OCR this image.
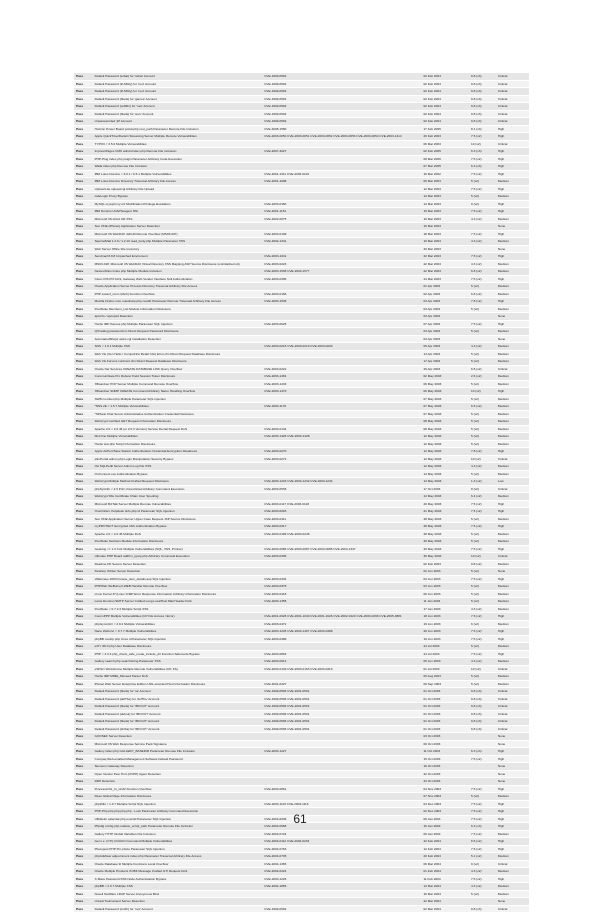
Pass	Default Password (ssbat) for 'ssbat' Account	CVE-1999-0502	02 Feb 2004	9.8 (v3)	Critical
Pass	Default Password (D-Mblty) for 'root' Account	CVE-1999-0502	02 Feb 2004	9.8 (v3)	Critical
Pass	Default Password (D-Mblty) for 'root' Account	CVE-1999-0502	02 Feb 2004	9.8 (v3)	Critical
Pass	Default Password (blank) for 'games' Account	CVE-1999-0502	02 Feb 2004	9.8 (v3)	Critical
Pass	Default Password (w4001) for 'root' Account	CVE-1999-0502	02 Feb 2004	9.8 (v3)	Critical
Pass	Default Password (blank) for 'ams' Account	CVE-1999-0502	02 Feb 2004	9.8 (v3)	Critical
Pass	Unpassworded 'jill' Account	CVE-1999-0502	02 Feb 2004	9.8 (v3)	Critical
Pass	Horizon Power Board portal.php root_path Parameter Remote File Inclusion	CVE-2005-1580	17 Feb 2005	8.1 (v3)	High
Pass	Apple QuickTime/Darwin Streaming Server Multiple Remote Vulnerabilities	CVE-2003-0050 CVE-2003-0051 CVE-2003-0052 CVE-2003-0053 CVE-2003-0054 CVE-2003-1414	26 Feb 2003	7.5 (v2)	High
Pass	TYPO3 < 3.5.0 Multiple Vulnerabilities		06 Mar 2003	10 (v2)	Critical
Pass	ImpressPages CMS admin/index.php Remote File Inclusion	CVE-2007-4627	02 Feb 2005	6.3 (v3)	High
Pass	PHP-Plug index.php plugin Parameter Arbitrary Code Execution		08 Mar 2006	7.5 (v2)	High
Pass	Walla index.php Remote File Inclusion		07 Mar 2005	6.3 (v3)	High
Pass	IBM Lotus Domino < 6.0.1 / 6.5.1 Multiple Vulnerabilities	CVE-2001-1311 CVE-2003-0119	16 Mar 2002	7.5 (v2)	High
Pass	IBM Lotus Domino Directory Traversal Arbitrary File Access	CVE-2001-1098	06 Mar 2003	5 (v2)	Medium
Pass	Upload Lite upload.cgi Arbitrary File Upload		12 Mar 2003	7.5 (v2)	High
Pass	cafeLogin Proxy Bypass		14 Mar 2003	5 (v2)	Medium
Pass	MySQL mysqld my.cnf Modification Privilege Escalation	CVE-2003-0150	14 Mar 2003	9 (v2)	High
Pass	IBM Domino LDAPScagent NSI	CVE-2001-1151	15 Mar 2003	7.5 (v2)	High
Pass	Microsoft IIS.shtml UR XSS	CVE-2002-0075	16 Mar 2003	4.3 (v2)	Medium
Pass	Sun ONE (iPlanet) Application Server Detection		16 Mar 2003		None
Pass	Microsoft IIS WebDAV ntdll.dll Remote Overflow (MS03-007)	CVE-2003-0109	18 Mar 2003	7.5 (v2)	High
Pass	SquirrelMail 1.2.6 / 1.2.10 read_body.php Multiple Parameter XSS	CVE-2002-1341	19 Mar 2003	4.3 (v2)	Medium
Pass	Web Server Office File Inventory		20 Mar 2003		None
Pass	Sendmail 8.8.8 Unpatched Enviroment	CVE-2003-1041	22 Mar 2003	7.5 (v2)	High
Pass	MS03-018: Microsoft IIS WebDAV Virtual Directory XSS Mapping ASP Source Disclosure (uninitialized s4)	CVE-2003-0223	22 Mar 2003	4.3 (v2)	Medium
Pass	Nested Rain Index.php Multiple Module Inclusion	CVE-2003-1538 CVE-2003-1577	22 Mar 2003	6.8 (v2)	Medium
Pass	Cisco IOS PIX DoS, Gateway Web Vendor Interface Null Authentication	CVE-2003-0305	24 Mar 2003	7.5 (v2)	High
Pass	Oracle Application Server Process Directory Traversal Arbitrary File Access		01 Apr 2003	5 (v2)	Medium
Pass	PHP sscanf_si.inc (libch) Function Overflow	CVE-2003-0166	02 Apr 2003	6.8 (v2)	Medium
Pass	Mozilla Firefox com.maxsharp.php rootdir Parameter Remote Traversal Arbitrary File Access	CVE-2003-1545	03 Apr 2003	7.8 (v2)	High
Pass	PostNuke Members_List Module Information Disclosure		03 Apr 2003	5 (v2)	Medium
Pass	apcinfo / apcupsd Detection		03 Apr 2003		None
Pass	Horde IMP themes.php Multiple Parameter SQL Injection	CVE-2003-0025	07 Apr 2003	7.5 (v2)	High
Pass	QTcatalog password.inc Direct Request Password Disclosure		03 Apr 2003	5 (v2)	Medium
Pass	AutomatedShops webc.cgi Installation Detection		04 Apr 2003		None
Pass	SNS < 1.6.1 Multiple XSS	CVE-2003-0218 CVE-2003-0219 CVE-2003-0220	05 Apr 2003	4.3 (v2)	Medium
Pass	Web Vls (Xen Hello / CompuFirst Retail CGI) Error.cfm Direct Request Database Disclosure		14 Apr 2003	5 (v2)	Medium
Pass	Web Vls Forums confcont.cfm Direct Request Database Disclosure		17 Apr 2003	5 (v2)	Medium
Pass	Oracle Net Services CREATE DATABASE LINK Query Overflow	CVE-2003-0222	29 Apr 2003	6.5 (v2)	Critical
Pass	CommuniGate Pro Referer Field Session Token Disclosure	CVE-2003-1481	02 May 2003	2.6 (v2)	Medium
Pass	XBoardner PCP Server Multiple Command Remote Overflow	CVE-2003-1433	06 May 2003	5 (v2)	Medium
Pass	XBoardner SNMP CREATE Command Arbitrary Name Handling Overflow	CVE-2003-1470	06 May 2003	10 (v2)	High
Pass	SWB member.php Multiple Parameter SQL Injection		07 May 2003	5 (v2)	Medium
Pass	*NSS 2E < 1.5.7 Multiple Vulnerabilities	CVE-2003-1176	07 May 2003	6.5 (v2)	Medium
Pass	*SPbeat Chat Server Administrative Authentication Credential Disclosure		07 May 2003	5 (v2)	Medium
Pass	Webcrypt Certified GET Request Information Disclosure		08 May 2003	5 (v2)	Medium
Pass	Apache 2.0 < 2.0.46 (or 2.0.3 Version) Service Denial Request DoS	CVE-2003-0134	08 May 2003	5 (v2)	Medium
Pass	Mozzinu Multiple Vulnerabilities	CVE-2003-1426 CVE-2003-1428	12 May 2003	5 (v2)	Medium
Pass	Horde test.php Script Information Disclosure		12 May 2003	5 (v2)	Medium
Pass	Apple AirPort Base Station Authentication Credential Encryption Weakness	CVE-2003-0270	12 May 2003	7.8 (v2)	High
Pass	slimPortal admin.php Login Manipulation Security Bypass	CVE-2003-0272	12 May 2003	10 (v2)	Critical
Pass	OA SQLPedit Server Admin Log File XSS		12 May 2003	4.3 (v2)	Medium
Pass	OnConnect.exe Authentication Bypass		14 May 2003	5 (v2)	Medium
Pass	Webcrypt Multiple Method Crafted Request Disclosure	CVE-2003-1233 CVE-2003-1232 CVE-2003-1234	14 May 2003	1.3 (v2)	Low
Pass	phpSysInfo < 2.0 PoC Unrestricted Arbitrary Command Execution	CVE-2003-0536	17 Oct 2003	8 (v2)	Critical
Pass	Webcrypt SSL Certificate Chain User Spoofing		14 May 2003	6.4 (v2)	Medium
Pass	Microsoft BizTalk Server Multiple Remote Vulnerabilities	CVE-2003-0117 CVE-2003-0118	20 May 2003	7.5 (v2)	High
Pass	OneOrZero Helpdesk tinfo.php id Parameter SQL Injection	CVE-2003-0003	21 May 2003	7.5 (v2)	High
Pass	Sun ONE Application Server Upper Case Request JSP Source Disclosure	CVE-2003-0411	28 May 2003	5 (v2)	Medium
Pass	myPROTECT Encrypted URL Authentication Bypass	CVE-2003-0317	28 May 2003	7.5 (v2)	High
Pass	Apache 2.0 < 2.0.46 Multiple DoS	CVE-2003-0189 CVE-2003-0245	28 May 2003	5 (v2)	Medium
Pass	PostNuke Sections Module Information Disclosure		29 May 2003	5 (v2)	Medium
Pass	Geeklog <= 1.3.7sr1 Multiple Vulnerabilities (SQL, XSS, Pri Esc)	CVE-2003-0086 CVE-2003-0087 CVE-2003-0088 CVE-2003-1347	29 May 2003	7.5 (v2)	High
Pass	Ultimate PHP Board addfrm_ignoy.php Arbitrary Command Execution	CVE-2003-0395	30 May 2003	10 (v2)	Critical
Pass	Readme FD Secure Server Detection		02 Feb 2003	0.8 (v2)	Medium
Pass	Desktop Orbiter Server Detection		02 Jun 2003	5 (v2)	None
Pass	VillaGrave 2003 browse_item_details.asp SQL Injection	CVE-2003-0334	03 Jun 2003	7.5 (v2)	High
Pass	PHPWeb WeBurnert.WEB Handler Remote Overflow	CVE-2003-0378	03 Jun 2003	5 (v2)	Medium
Pass	Linux Kernel IP (Linux ICMP Error Response Information Arbitrary Information Disclosure	CVE-2003-0418	06 Jun 2003	5 (v2)	Medium
Pass	Lotus Domino iSMTP Server Crafted Long LocalHost Mail Header DoS	CVE-2003-1355	11 Jan 2003	5 (v2)	Medium
Pass	PostNuke < 0.7.2.3 Multiple Script XSS		17 Jan 2003	4.3 (v2)	Medium
Pass	CommPPP Multiple Vulnerabilities (CP File Access / Error)	CVE-2001-0628 CVE-2001-1040 CVE-2001-1626 CVE-2002-0420 CVE-2003-0296 CVE-2005-3881	18 Jun 2003	7.5 (v2)	High
Pass	phpGymnGO < 2.9.2 Multiple Vulnerabilities	CVE-2003-0472	19 Jun 2003	6 (v2)	Medium
Pass	Nano Websrvr < 0.7.7 Multiple Vulnerabilities	CVE-2003-1245 CVE-2003-1467 CVE-2003-0488	20 Jun 2003	7.5 (v2)	High
Pass	phpBB modcp.php Unex id Parameter SQL Injection	CVE-2003-0486	19 Jun 2003	7.5 (v2)	High
Pass	eXlY 3D.0 php User Database Disclosure		24 Jul 2003	5 (v2)	Medium
Pass	PHP < 4.3.3 php_check_safe_mode_include_dir Function Safemode Bypass	CVE-2003-0863	24 Jul 2003	7.5 (v2)	High
Pass	Gallery search.php searchstring Parameter XSS	CVE-2003-0614	05 Jun 2003	4.3 (v2)	Medium
Pass	eShSrv Workshome Multiple Remote Vulnerabilities (CP, FS)	CVE-2003-0149 CVE-2003-0153 CVE-2003-0319	01 Jul 2003	10 (v2)	Critical
Pass	Horde IMP MIME_Mimeed Parser DoS		06 Aug 2003	5 (v2)	Medium
Pass	iPlanet Web Server Enterprise Edition URL-encoded Host Information Disclosure	CVE-2001-0327	09 Sep 2003	5 (v2)	Medium
Pass	Default Password (blank) for 'sa' Account	CVE-1999-0506 CVE-2001-0501	01 Oct 2003	9.8 (v3)	Critical
Pass	Default Password (defTbe) for 'defTbe' Account	CVE-1999-0506 CVE-2001-0501	01 Oct 2003	9.8 (v3)	Critical
Pass	Default Password (blank) for 'IBCOUT' Account	CVE-1999-0506 CVE-2001-0501	01 Oct 2003	9.8 (v3)	Critical
Pass	Default Password (defout) for 'IBCOUT' Account	CVE-1999-0506 CVE-2001-0501	01 Oct 2003	9.8 (v3)	Critical
Pass	Default Password (blank) for 'IBCOUT' Account	CVE-1999-0506 CVE-2001-0501	01 Oct 2003	9.8 (v3)	Critical
Pass	Default Password (sb/ba) for 'IBCOUT' Account	CVE-1999-0506 CVE-2001-0501	01 Oct 2003	9.8 (v3)	Critical
Pass	GOOSEF Server Detection		03 Oct 2003		None
Pass	Microsoft IIS Web Response Service Pack Signature		06 Oct 2003		None
Pass	Gallery index.php GALLERY_BASEDIR Parameter Remote File Inclusion	CVE-2003-1227	11 Oct 2003	6.3 (v3)	High
Pass	Compaq Web-enabled Management Software Default Password		15 Oct 2003	7.5 (v2)	High
Pass	Siemens Gateway Detection		16 Oct 2003		None
Pass	Open Vendor Peer Port (OVPP) Agent Detection		22 Oct 2003		None
Pass	RDP Detection		23 Oct 2003		None
Pass	ProcessLOG_In_sin32 Function Overflow	CVE-2003-0861	04 Nov 2003	7.5 (v2)	High
Pass	Rees Global Page Information Disclosure		07 Nov 2003	5 (v2)	Medium
Pass	phpWiki < 1.3.7 Multiple Script SQL Injection	CVE-2003-1115 CVE-2003-1116	04 Dec 2003	7.5 (v2)	High
Pass	PHP-Php.php.php.php.php - Lock Parameter Arbitrary Command Execution		02 Dec 2003	7.5 (v2)	High
Pass	UBulletin calendar.php eventid Parameter SQL Injection	CVE-2004-0036	06 Jan 2004	7.5 (v2)	High
Pass	Phpdig config.php relative_script_path Parameter Remote File Inclusion	CVE-2004-0068	15 Jan 2004	6.3 (v3)	High
Pass	Gallery HTTP Global Variables File Inclusion	CVE-2004-0724	06 Jan 2004	7.5 (v2)	Medium
Pass	Gen i.e. (CTI) COACO Command Multiple Vulnerabilities	CVE-2004-0112 CVE-2004-0233	22 Feb 2004	6.5 (v2)	High
Pass	Photopost PHP Pro photo Parameter SQL Injection	CVE-2004-0763	12 Feb 2004	7.5 (v2)	High
Pass	phpAdsNew adjournment index.php Parameter Traversal Arbitrary File Access	CVE-2004-0735	20 Feb 2004	5.1 (v2)	Medium
Pass	Oracle Database 9i Multiple Functions Local Overflow	CVE-2004-1365	06 Mar 2004	9 (v2)	Critical
Pass	Oracle Multiple Products XOBF Message Crafted GTI Request DoS	CVE-2004-0224	01 Feb 2004	4.3 (v2)	Medium
Pass	X-Mass Password SSS Node Authentication Bypass	CVE-2003-1226	11 Feb 2004	7.5 (v2)	High
Pass	phpBB < 2.0.7 Multiple XSS	CVE-2004-1865	14 Mar 2004	4.3 (v2)	Medium
Pass	Novell NetWare LDAP Server Anonymous Bind		16 Mar 2004	5 (v2)	Medium
Pass	Unreal Tournament Server Detection		22 Mar 2004		None
Pass	Default Password (cvsfh) for 'root' Account	CVE-1999-0502	02 Mar 2004	9.8 (v3)	Critical
61
